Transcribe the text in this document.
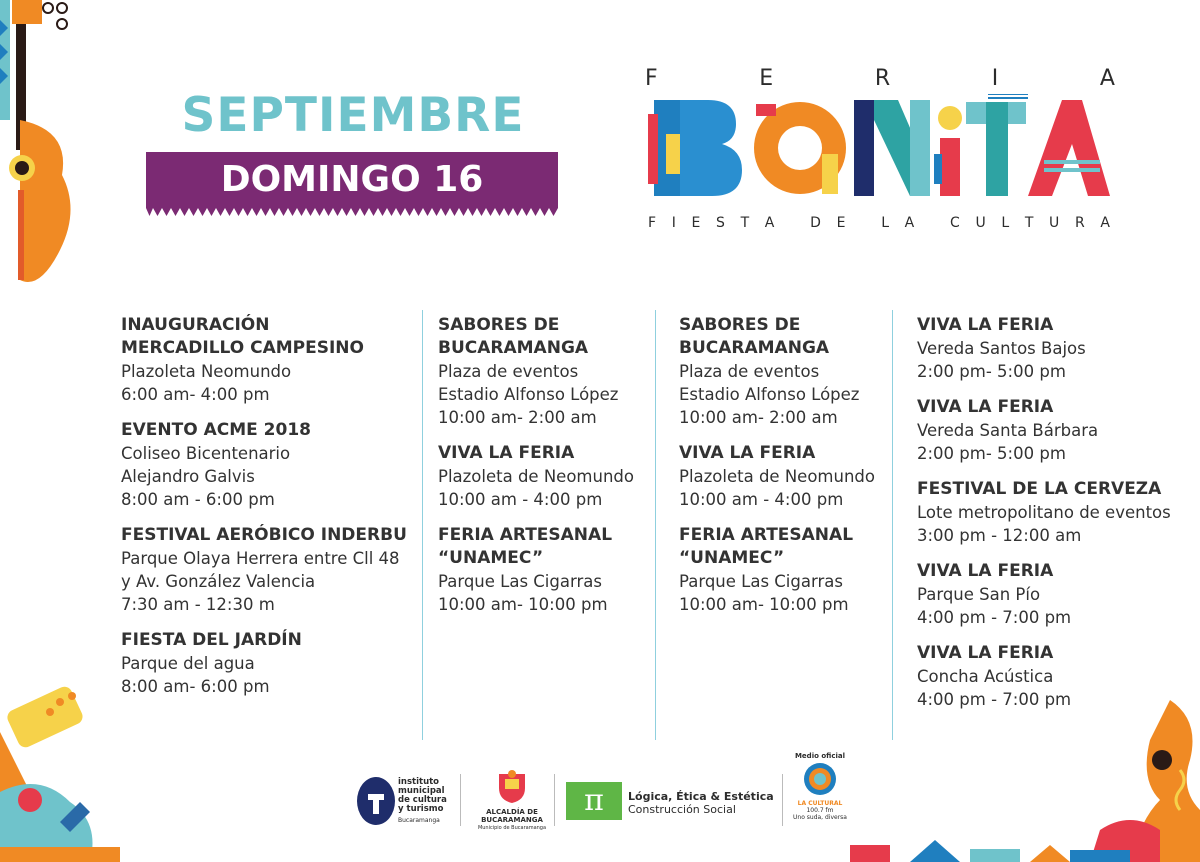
SEPTIEMBRE
DOMINGO 16
F	E	R	I	A
F I E S T A
	D E
	L A
	C U L T U R A
INAUGURACIÓN
MERCADILLO CAMPESINO
Plazoleta Neomundo
6:00 am- 4:00 pm
EVENTO ACME 2018
Coliseo Bicentenario
Alejandro Galvis
8:00 am - 6:00 pm
FESTIVAL AERÓBICO INDERBU
Parque Olaya Herrera entre Cll 48
y Av. González Valencia
7:30 am - 12:30 m
FIESTA DEL JARDÍN
Parque del agua
8:00 am- 6:00 pm
SABORES DE
BUCARAMANGA
Plaza de eventos
Estadio Alfonso López
10:00 am- 2:00 am
VIVA LA FERIA
Plazoleta de Neomundo
10:00 am - 4:00 pm
FERIA ARTESANAL
“UNAMEC”
Parque Las Cigarras
10:00 am- 10:00 pm
SABORES DE
BUCARAMANGA
Plaza de eventos
Estadio Alfonso López
10:00 am- 2:00 am
VIVA LA FERIA
Plazoleta de Neomundo
10:00 am - 4:00 pm
FERIA ARTESANAL
“UNAMEC”
Parque Las Cigarras
10:00 am- 10:00 pm
VIVA LA FERIA
Vereda Santos Bajos
2:00 pm- 5:00 pm
VIVA LA FERIA
Vereda Santa Bárbara
2:00 pm- 5:00 pm
FESTIVAL DE LA CERVEZA
Lote metropolitano de eventos
3:00 pm - 12:00 am
VIVA LA FERIA
Parque San Pío
4:00 pm - 7:00 pm
VIVA LA FERIA
Concha Acústica
4:00 pm - 7:00 pm
instituto
municipal
de cultura
y turismo
Bucaramanga
ALCALDÍA DE
BUCARAMANGA
Municipio de Bucaramanga
π	Lógica, Ética & Estética
Construcción Social
Medio oficial
LA CULTURAL
100.7 fm
Uno suda, diversa
